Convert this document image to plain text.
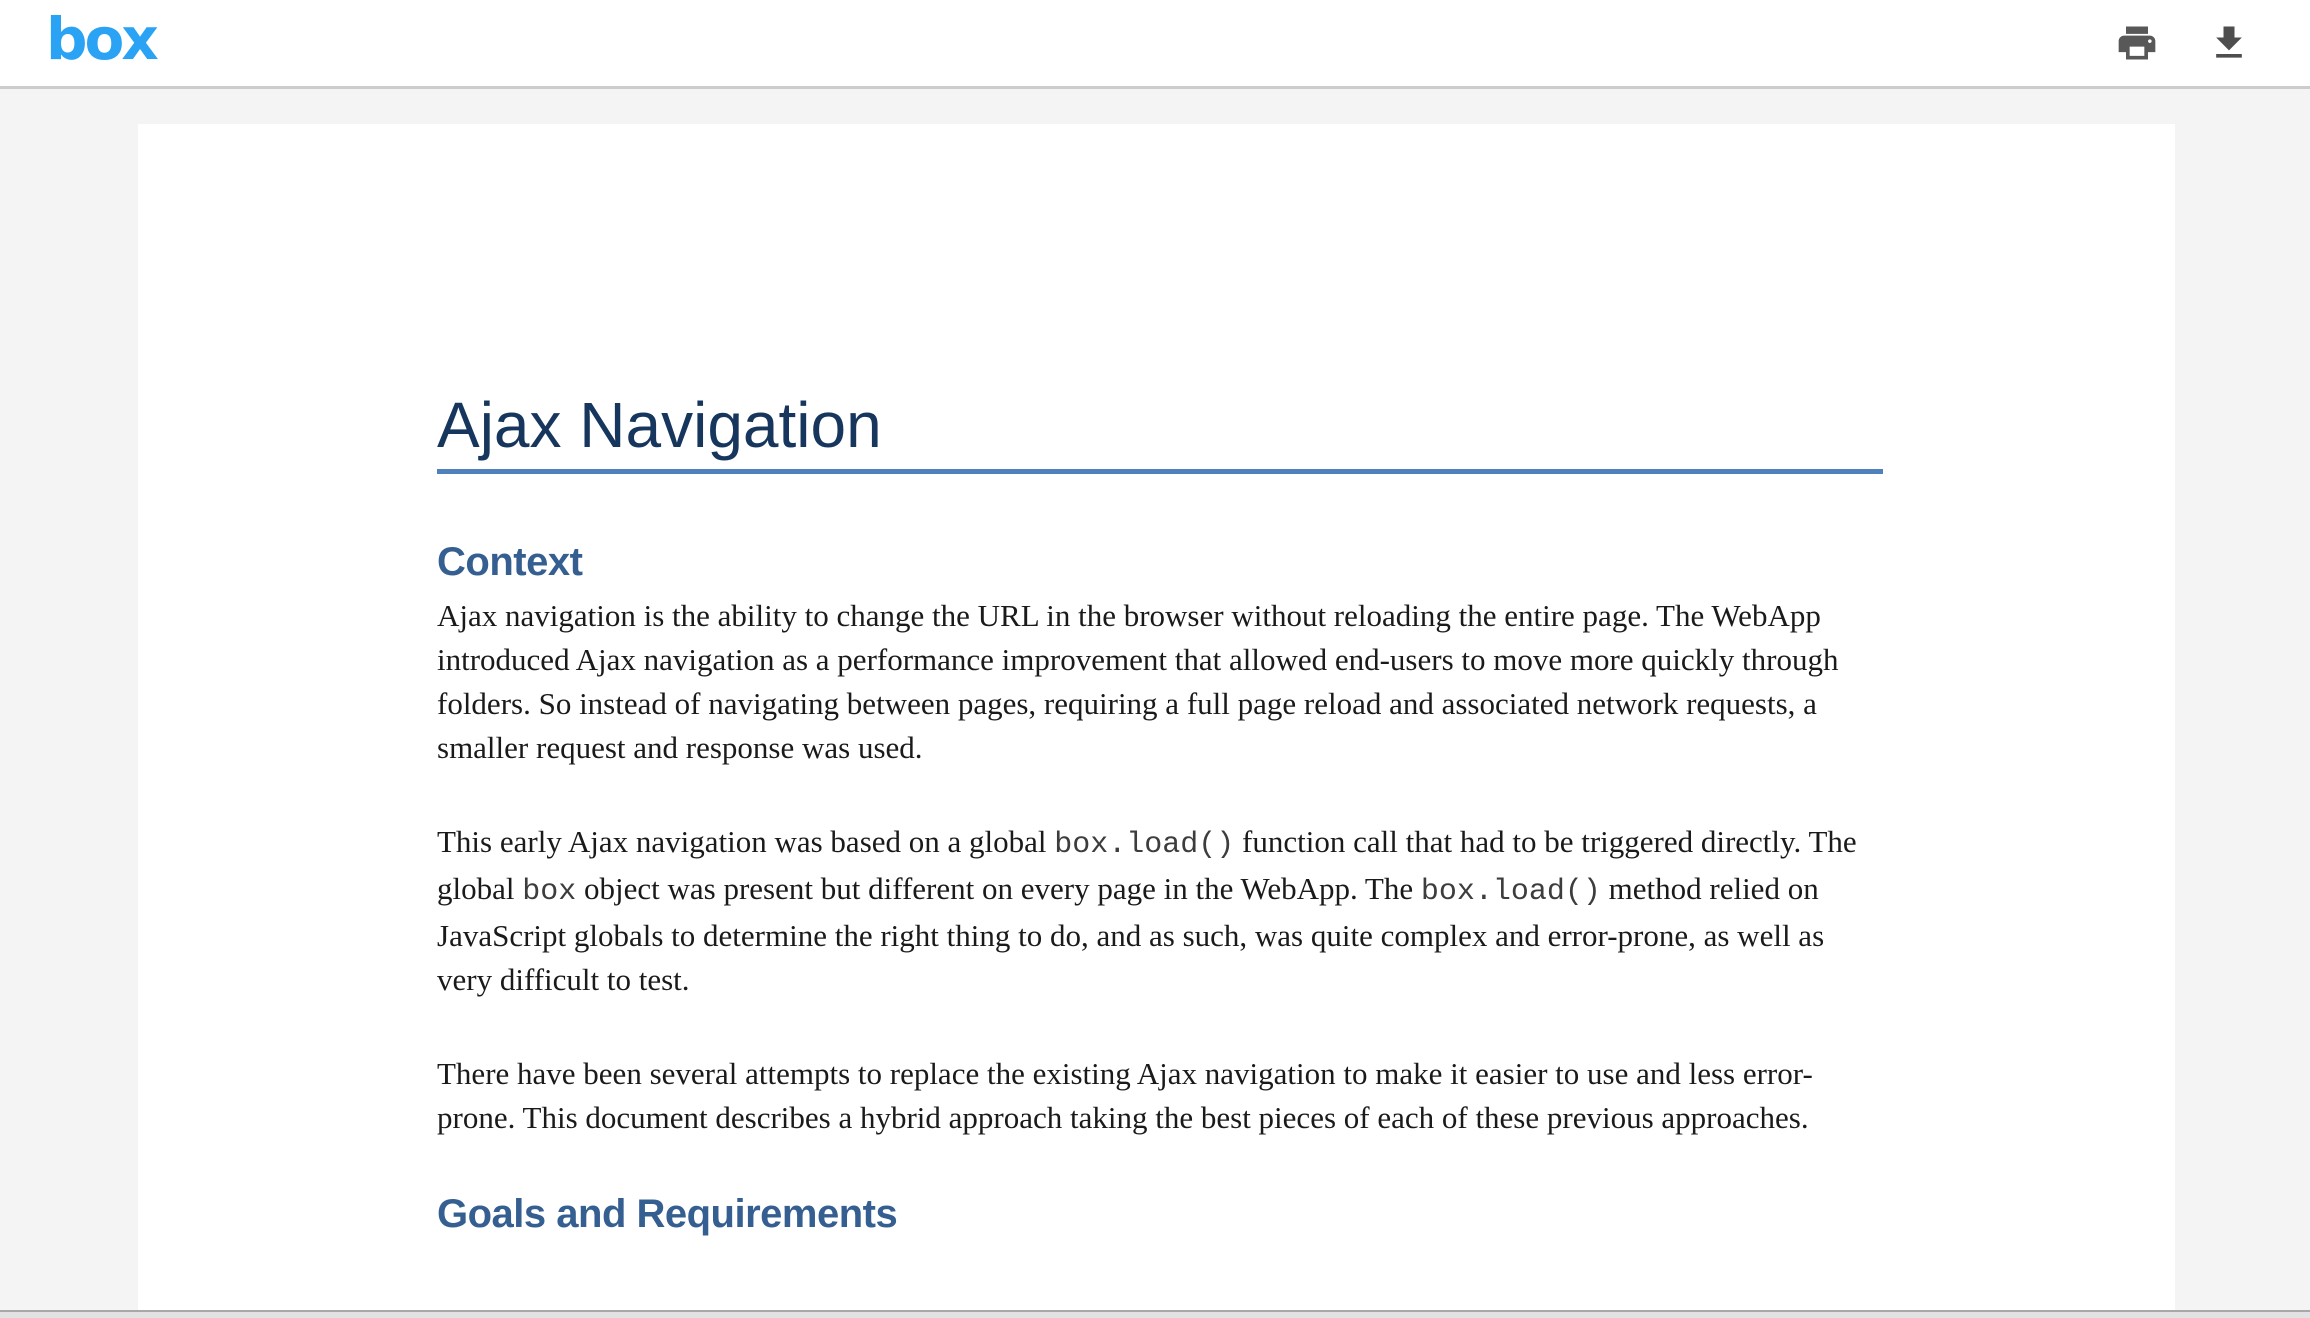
box
Ajax Navigation
Context

Ajax navigation is the ability to change the URL in the browser without reloading the entire page. The WebApp introduced Ajax navigation as a performance improvement that allowed end-users to move more quickly through folders. So instead of navigating between pages, requiring a full page reload and associated network requests, a smaller request and response was used.

This early Ajax navigation was based on a global box.load() function call that had to be triggered directly. The global box object was present but different on every page in the WebApp. The box.load() method relied on JavaScript globals to determine the right thing to do, and as such, was quite complex and error-prone, as well as very difficult to test.

There have been several attempts to replace the existing Ajax navigation to make it easier to use and less error-prone. This document describes a hybrid approach taking the best pieces of each of these previous approaches.

Goals and Requirements
